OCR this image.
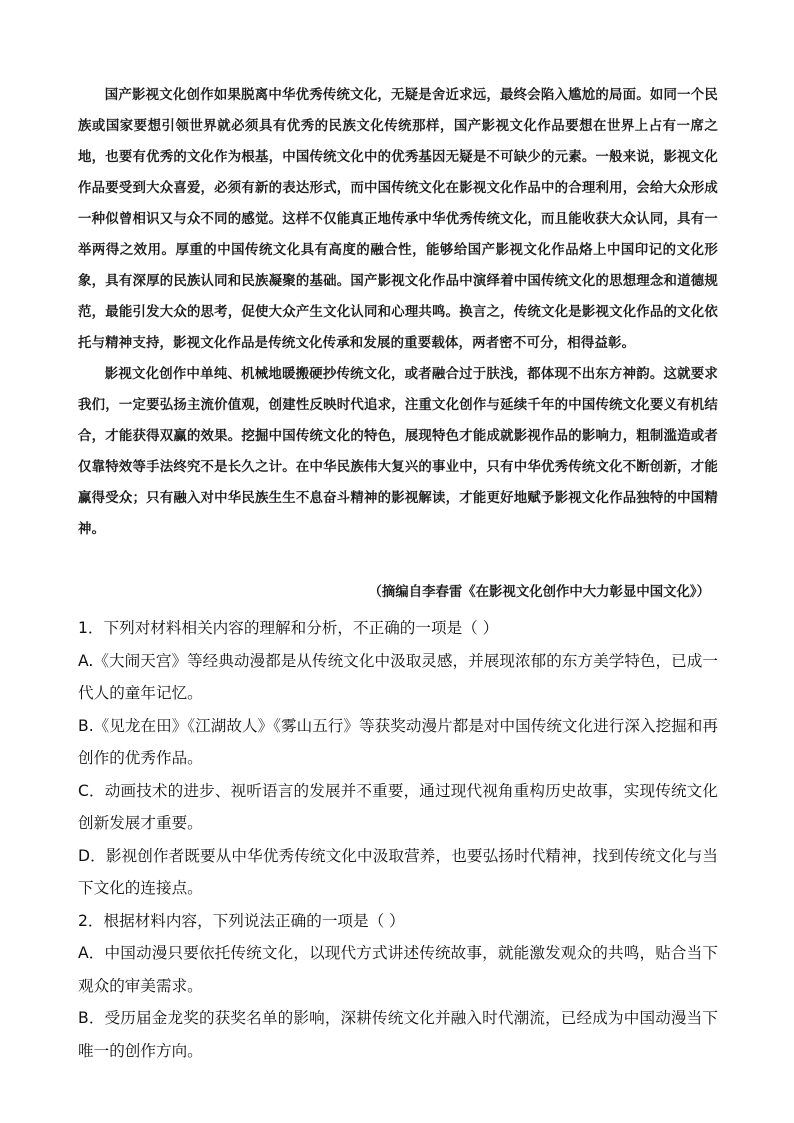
国产影视文化创作如果脱离中华优秀传统文化，无疑是舍近求远，最终会陷入尴尬的局面。如同一个民族或国家要想引领世界就必须具有优秀的民族文化传统那样，国产影视文化作品要想在世界上占有一席之地，也要有优秀的文化作为根基，中国传统文化中的优秀基因无疑是不可缺少的元素。一般来说，影视文化作品要受到大众喜爱，必须有新的表达形式，而中国传统文化在影视文化作品中的合理利用，会给大众形成一种似曾相识又与众不同的感觉。这样不仅能真正地传承中华优秀传统文化，而且能收获大众认同，具有一举两得之效用。厚重的中国传统文化具有高度的融合性，能够给国产影视文化作品烙上中国印记的文化形象，具有深厚的民族认同和民族凝聚的基础。国产影视文化作品中演绎着中国传统文化的思想理念和道德规范，最能引发大众的思考，促使大众产生文化认同和心理共鸣。换言之，传统文化是影视文化作品的文化依托与精神支持，影视文化作品是传统文化传承和发展的重要载体，两者密不可分，相得益彰。

影视文化创作中单纯、机械地暖搬硬抄传统文化，或者融合过于肤浅，都体现不出东方神韵。这就要求我们，一定要弘扬主流价值观，创建性反映时代追求，注重文化创作与延续千年的中国传统文化要义有机结合，才能获得双赢的效果。挖掘中国传统文化的特色，展现特色才能成就影视作品的影响力，粗制滥造或者仅靠特效等手法终究不是长久之计。在中华民族伟大复兴的事业中，只有中华优秀传统文化不断创新，才能赢得受众；只有融入对中华民族生生不息奋斗精神的影视解读，才能更好地赋予影视文化作品独特的中国精神。

（摘编自李春雷《在影视文化创作中大力彰显中国文化》）

1．下列对材料相关内容的理解和分析，不正确的一项是（ ）

A.《大闹天宫》等经典动漫都是从传统文化中汲取灵感，并展现浓郁的东方美学特色，已成一代人的童年记忆。

B.《见龙在田》《江湖故人》《雾山五行》等获奖动漫片都是对中国传统文化进行深入挖掘和再创作的优秀作品。

C．动画技术的进步、视听语言的发展并不重要，通过现代视角重构历史故事，实现传统文化创新发展才重要。

D．影视创作者既要从中华优秀传统文化中汲取营养，也要弘扬时代精神，找到传统文化与当下文化的连接点。

2．根据材料内容，下列说法正确的一项是（ ）

A．中国动漫只要依托传统文化，以现代方式讲述传统故事，就能激发观众的共鸣，贴合当下观众的审美需求。

B．受历届金龙奖的获奖名单的影响，深耕传统文化并融入时代潮流，已经成为中国动漫当下唯一的创作方向。
